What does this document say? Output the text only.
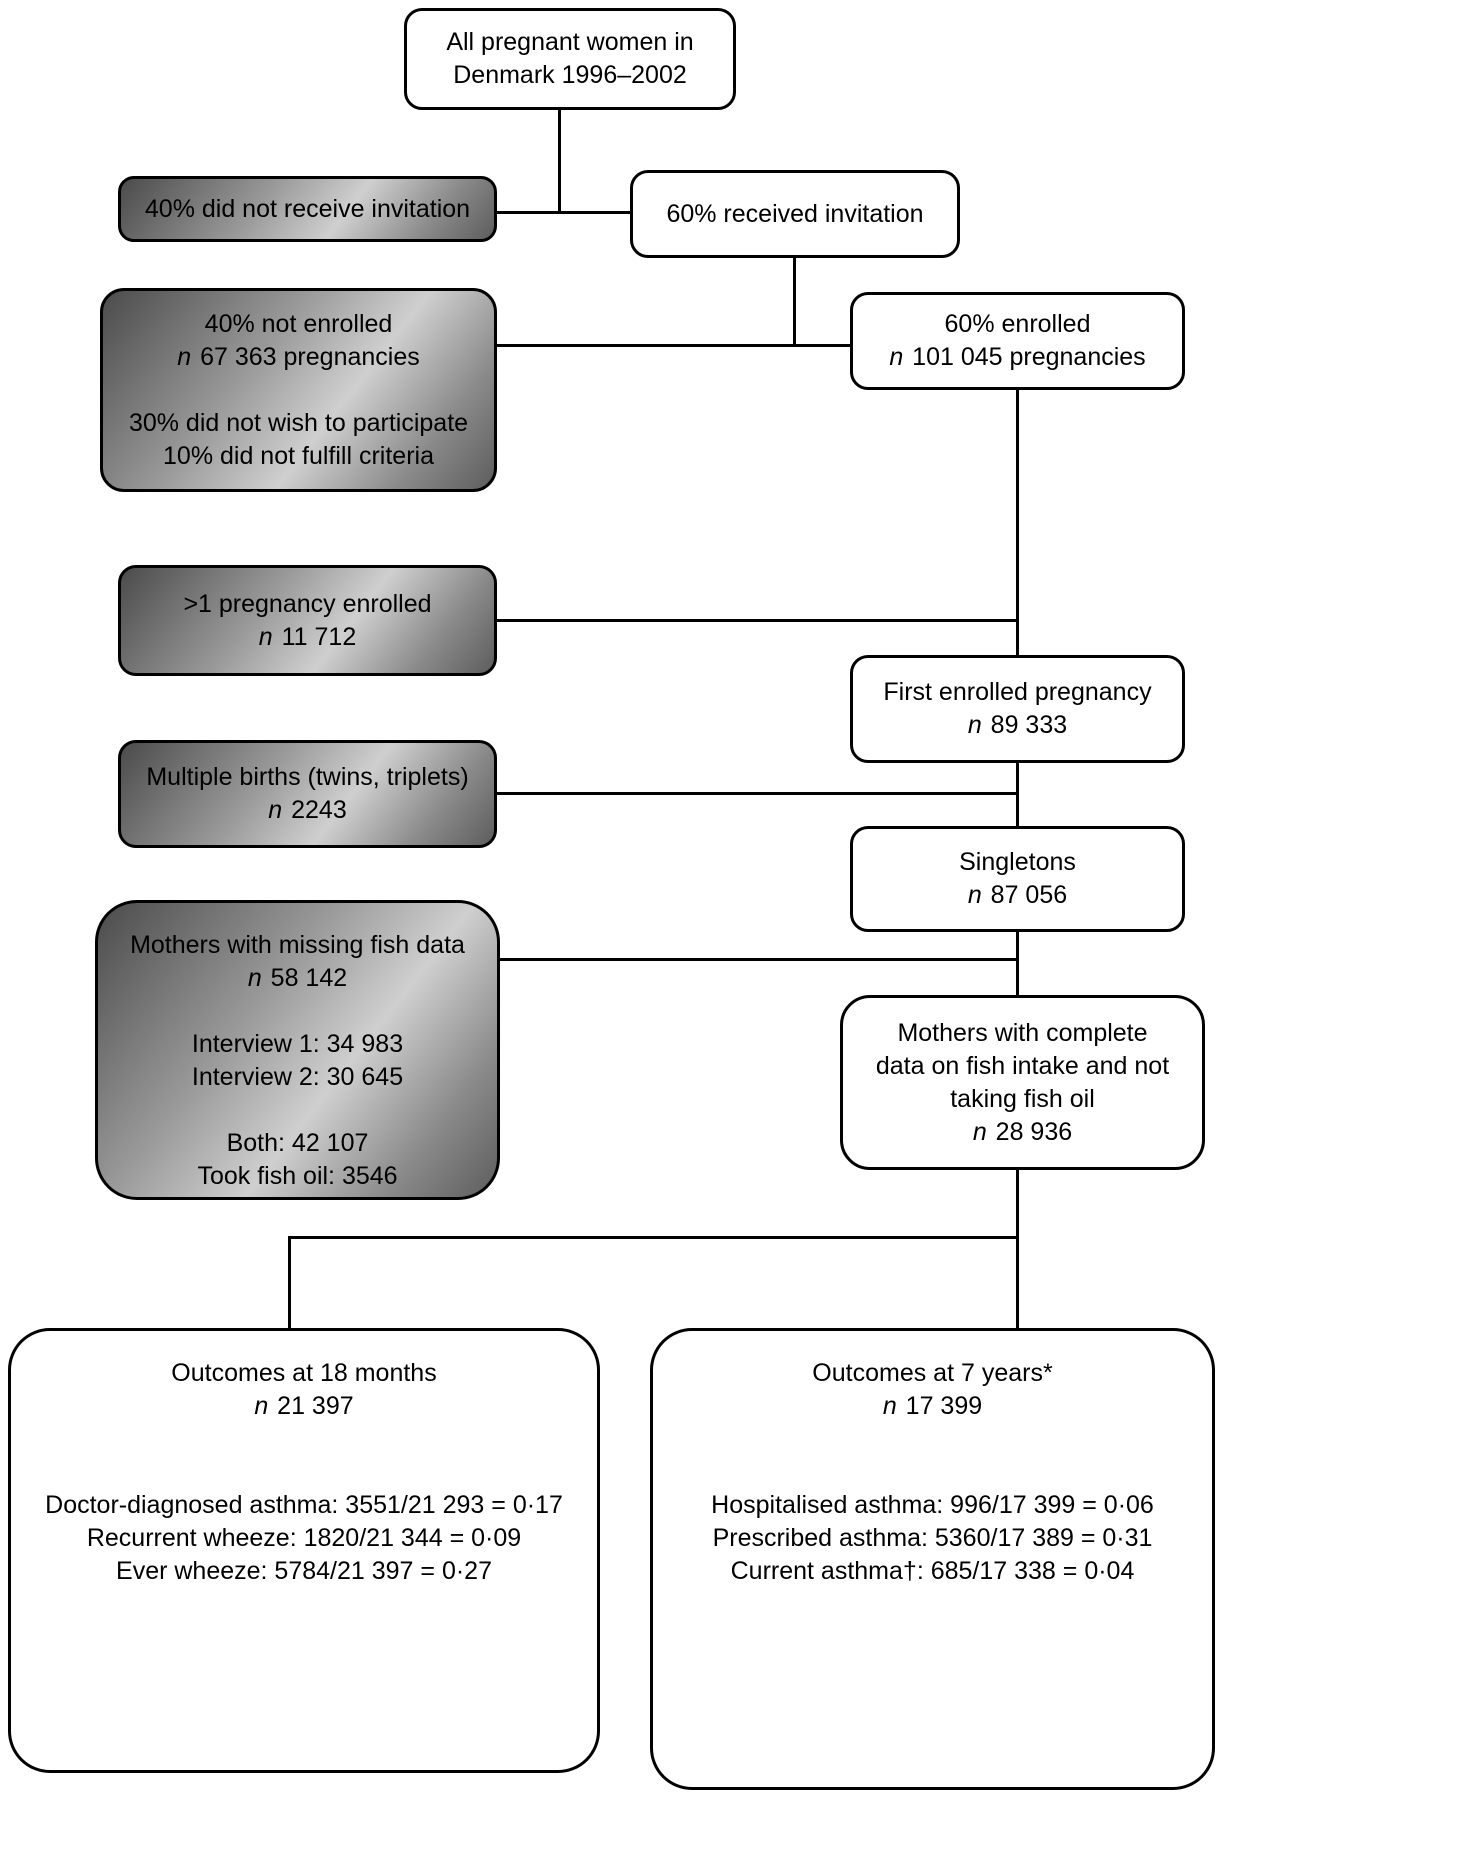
All pregnant women in
Denmark 1996–2002
40% did not receive invitation	60% received invitation
40% not enrolled
n 67 363 pregnancies

30% did not wish to participate
10% did not fulfill criteria
60% enrolled
n 101 045 pregnancies
>1 pregnancy enrolled
n 11 712
First enrolled pregnancy
n 89 333
Multiple births (twins, triplets)
n 2243
Singletons
n 87 056
Mothers with missing fish data
n 58 142

Interview 1: 34 983
Interview 2: 30 645

Both: 42 107
Took fish oil: 3546
Mothers with complete
data on fish intake and not
taking fish oil
n 28 936
Outcomes at 18 months
n 21 397

Doctor-diagnosed asthma: 3551/21 293 = 0·17
Recurrent wheeze: 1820/21 344 = 0·09
Ever wheeze: 5784/21 397 = 0·27
Outcomes at 7 years*
n 17 399

Hospitalised asthma: 996/17 399 = 0·06
Prescribed asthma: 5360/17 389 = 0·31
Current asthma†: 685/17 338 = 0·04
